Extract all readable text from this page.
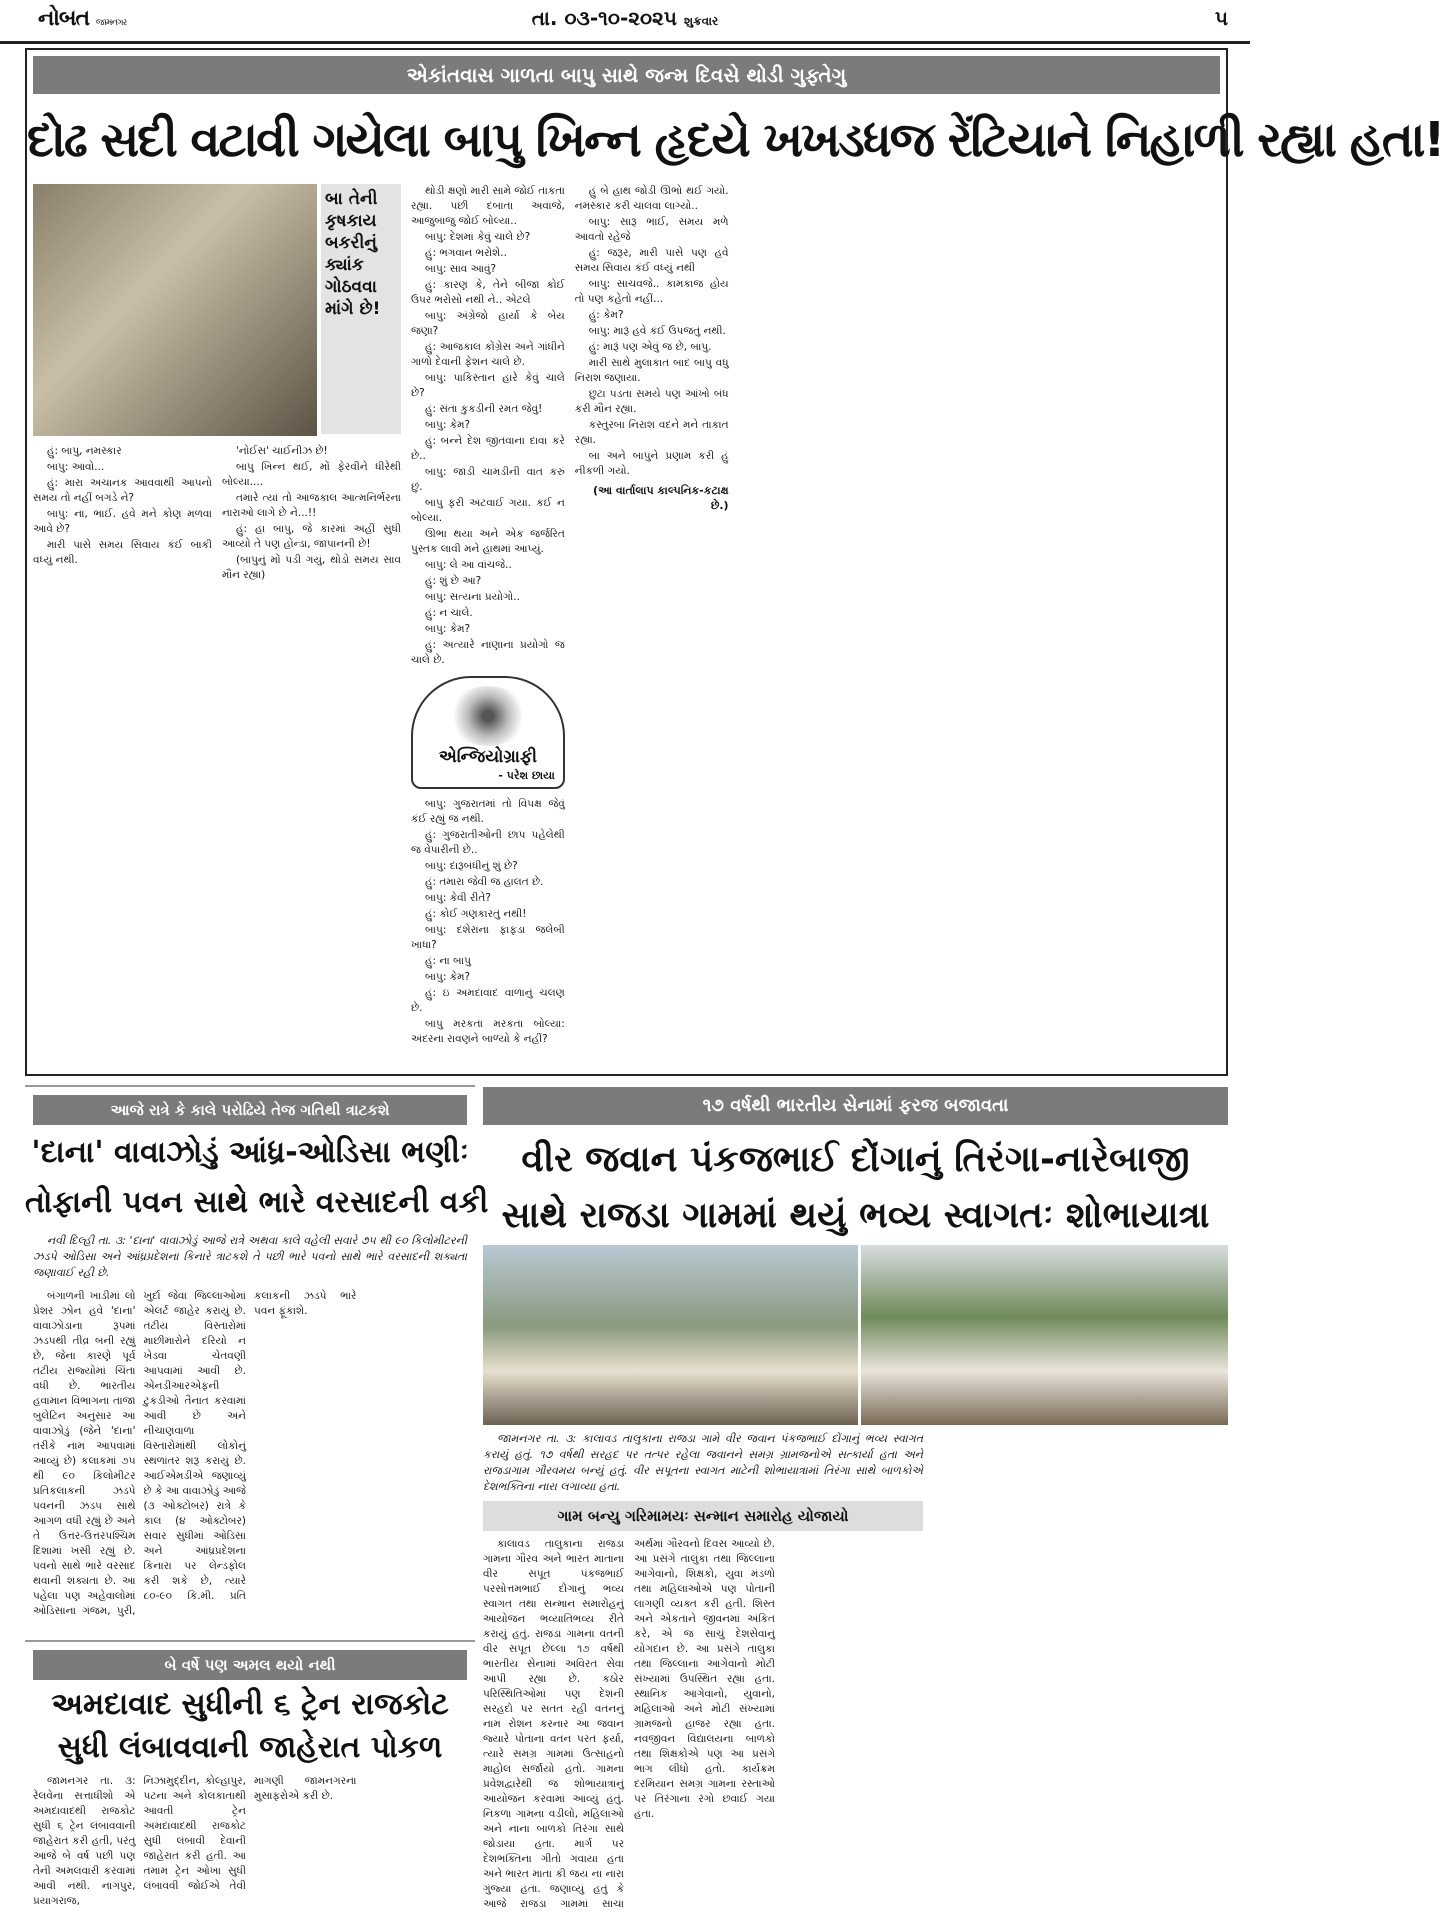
નોબત જામનગર	તા. ૦૩-૧૦-૨૦૨૫ શુક્રવાર	૫
એકાંતવાસ ગાળતા બાપુ સાથે જન્મ દિવસે થોડી ગુફ્તેગુ
દોઢ સદી વટાવી ગયેલા બાપુ ખિન્ન હૃદયે ખખડધજ રેંટિયાને નિહાળી રહ્યા હતા!
બા તેની કૃષકાય બકરીનું ક્યાંક ગોઠવવા માંગે છે!

હું: બાપુ, નમસ્કાર

બાપુ: આવો...

હું: મારા અચાનક આવવાથી આપનો સમય તો નહીં બગડે ને?

બાપુ: ના, ભાઈ. હવે મને કોણ મળવા આવે છે?

મારી પાસે સમય સિવાય કંઈ બાકી વધ્યું નથી.

'નોઈસ' ચાઈનીઝ છે!

બાપુ ખિન્ન થઈ, મોં ફેરવીને ધીરેથી બોલ્યા....

તમારે ત્યાં તો આજકાલ આત્મનિર્ભરના નારાઓ લાગે છે ને...!!

હું: હા બાપુ, જે કારમાં અહીં સુધી આવ્યો તે પણ હોન્ડા, જાપાનની છે!

(બાપુનું મોં પડી ગયું, થોડો સમય સાવ મૌન રહ્યા)

થોડી ક્ષણો મારી સામે જોઈ તાકતા રહ્યા. પછી દબાતા અવાજે, આજુબાજુ જોઈ બોલ્યા..

બાપુ: દેશમાં કેવું ચાલે છે?

હું: ભગવાન ભરોશે..

બાપુ: સાવ આવું?

હું: કારણ કે, તેને બીજા કોઈ ઉપર ભરોસો નથી ને.. એટલે

બાપુ: અંગ્રેજો હાર્યા કે બેય જણા?

હું: આજકાલ કોંગ્રેસ અને ગાંધીને ગાળો દેવાની ફેશન ચાલે છે.

બાપુ: પાકિસ્તાન હારે કેવું ચાલે છે?

હું: સંતા કુકડીની રમત જેવું!

બાપુ: કેમ?

હું: બન્ને દેશ જીતવાના દાવા કરે છે..

બાપુ: જાડી ચામડીની વાત કરું છું.

બાપુ ફરી અટવાઈ ગયા. કઈ ન બોલ્યા.

ઊભા થયા અને એક જર્જરિત પુસ્તક લાવી મને હાથમાં આપ્યું.

બાપુ: લે આ વાંચજે..

હું: શું છે આ?

બાપુ: સત્યના પ્રયોગો..

હું: ન ચાલે.

બાપુ: કેમ?

હું: અત્યારે નાણાના પ્રયોગો જ ચાલે છે.

એન્જિયોગ્રાફી
- પરેશ છાયા

બાપુ: ગુજરાતમાં તો વિપક્ષ જેવું કંઈ રહ્યું જ નથી.

હું: ગુજરાતીઓની છાપ પહેલેથી જ વેપારીની છે..

બાપુ: દારૂબંધીનું શું છે?

હું: તમારા જેવી જ હાલત છે.

બાપુ: કેવી રીતે?

હું: કોઈ ગણકારતું નથી!

બાપુ: દશેરાના ફાફડા જલેબી ખાધા?

હું: ના બાપુ

બાપુ: કેમ?

હું: ઇ અમદાવાદ વાળાનું ચલણ છે.

બાપુ મરકતા મરકતા બોલ્યા: અંદરના રાવણને બાળ્યો કે નહીં?

હું બે હાથ જોડી ઊભો થઈ ગયો. નમસ્કાર કરી ચાલવા લાગ્યો..

બાપુ: સારૂ ભાઈ, સમય મળે આવતો રહેજે

હું: જરૂર, મારી પાસે પણ હવે સમય સિવાય કંઈ વધ્યું નથી

બાપુ: સાચવજે.. કામકાજ હોય તો પણ કહેતો નહીં...

હું: કેમ?

બાપુ: મારૂં હવે કંઈ ઉપજતું નથી.

હું: મારૂં પણ એવું જ છે, બાપુ.

મારી સાથે મુલાકાત બાદ બાપુ વધુ નિરાશ જણાયા.

છુટા પડતા સમયે પણ આંખો બંધ કરી મૌન રહ્યા.

કસ્તુરબા નિરાશ વદને મને તાકાત રહ્યા.

બા અને બાપુને પ્રણામ કરી હું નીકળી ગયો.

(આ વાર્તાલાપ કાલ્પનિક-કટાક્ષ છે.)
આજે રાત્રે કે કાલે પરોઢિયે તેજ ગતિથી ત્રાટકશે
'દાના' વાવાઝોડું આંધ્ર-ઓડિસા ભણીઃ
તોફાની પવન સાથે ભારે વરસાદની વકી
નવી દિલ્હી તા. ૩: 'દાના' વાવાઝોડું આજે રાત્રે અથવા કાલે વહેલી સવારે ૭૫ થી ૯૦ કિલોમીટરની ઝડપે ઓડિસા અને આંધ્રપ્રદેશના કિનારે ત્રાટકશે તે પછી ભારે પવનો સાથે ભારે વરસાદની શક્યતા જણાવાઈ રહી છે.
બંગાળની ખાડીમાં લો પ્રેશર ઝોન હવે 'દાના' વાવાઝોડાના રૂપમાં ઝડપથી તીવ્ર બની રહ્યું છે, જેના કારણે પૂર્વ તટીય રાજ્યોમાં ચિંતા વધી છે. ભારતીય હવામાન વિભાગના તાજા બુલેટિન અનુસાર આ વાવાઝોડું (જેને 'દાના' તરીકે નામ આપવામાં આવ્યું છે) કલાકમાં ૭૫ થી ૯૦ કિલોમીટર પ્રતિકલાકની ઝડપે પવનની ઝડપ સાથે આગળ વધી રહ્યું છે અને તે ઉત્તર-ઉત્તરપશ્ચિમ દિશામાં ખસી રહ્યું છે. પવનો સાથે ભારે વરસાદ થવાની શક્યતા છે. આ પહેલા પણ અહેવાલોમાં ઓડિસાના ગંજમ, પુરી, ખુર્દા જેવા જિલ્લાઓમાં એલર્ટ જાહેર કરાયું છે. તટીય વિસ્તારોમાં માછીમારોને દરિયો ન ખેડવા ચેતવણી આપવામાં આવી છે. એનડીઆરએફની ટુકડીઓ તૈનાત કરવામાં આવી છે અને નીચાણવાળા વિસ્તારોમાંથી લોકોનું સ્થળાંતર શરૂ કરાયું છે. આઈએમડીએ જણાવ્યું છે કે આ વાવાઝોડું આજે (૩ ઓક્ટોબર) રાત્રે કે કાલ (૪ ઓક્ટોબર) સવાર સુધીમાં ઓડિસા અને આંધ્રપ્રદેશના કિનારા પર લેન્ડફોલ કરી શકે છે, ત્યારે ૮૦-૯૦ કિ.મી. પ્રતિ કલાકની ઝડપે ભારે પવન ફૂંકાશે.
બે વર્ષે પણ અમલ થયો નથી
અમદાવાદ સુધીની ૬ ટ્રેન રાજકોટ
સુધી લંબાવવાની જાહેરાત પોકળ
જામનગર તા. ૩: રેલવેના સત્તાધીશો એ અમદાવાદથી રાજકોટ સુધી ૬ ટ્રેન લંબાવવાની જાહેરાત કરી હતી, પરંતુ આજે બે વર્ષ પછી પણ તેની અમલવારી કરવામાં આવી નથી. નાગપુર, પ્રયાગરાજ, નિઝામુદ્દીન, કોલ્હાપુર, પટના અને કોલકાતાથી આવતી ટ્રેન અમદાવાદથી રાજકોટ સુધી લંબાવી દેવાની જાહેરાત કરી હતી. આ તમામ ટ્રેન ઓખા સુધી લંબાવવી જોઈએ તેવી માગણી જામનગરના મુસાફરોએ કરી છે.
૧૭ વર્ષથી ભારતીય સેનામાં ફરજ બજાવતા
વીર જવાન પંકજભાઈ દોંગાનું તિરંગા-નારેબાજી
સાથે રાજડા ગામમાં થયું ભવ્ય સ્વાગતઃ શોભાયાત્રા
જામનગર તા. ૩: કાલાવડ તાલુકાના રાજડા ગામે વીર જવાન પંકજભાઈ દોંગાનું ભવ્ય સ્વાગત કરાયું હતું. ૧૭ વર્ષથી સરહદ પર તત્પર રહેલા જવાનને સમગ્ર ગ્રામજનોએ સત્કાર્યા હતા અને રાજડાગામ ગૌરવમય બન્યું હતું. વીર સપૂતના સ્વાગત માટેની શોભાયાત્રામાં તિરંગા સાથે બાળકોએ દેશભક્તિના નારા લગાવ્યા હતા.
ગામ બન્યુ ગરિમામયઃ સન્માન સમારોહ યોજાયો
કાલાવડ તાલુકાના રાજડા ગામના ગૌરવ અને ભારત માતાના વીર સપૂત પંકજભાઈ પરસોત્તમભાઈ દોંગાનું ભવ્ય સ્વાગત તથા સન્માન સમારોહનું આયોજન ભવ્યાતિભવ્ય રીતે કરાયું હતું. રાજડા ગામના વતની વીર સપૂત છેલ્લા ૧૭ વર્ષથી ભારતીય સેનામાં અવિરત સેવા આપી રહ્યા છે. કઠોર પરિસ્થિતિઓમાં પણ દેશની સરહદો પર સતત રહી વતનનું નામ રોશન કરનાર આ જવાન જ્યારે પોતાના વતન પરત ફર્યા, ત્યારે સમગ્ર ગામમાં ઉત્સાહનો માહોલ સર્જાયો હતો. ગામના પ્રવેશદ્વારેથી જ શોભાયાત્રાનું આયોજન કરવામાં આવ્યું હતું. નિકળા ગામના વડીલો, મહિલાઓ અને નાના બાળકો તિરંગા સાથે જોડાયા હતા. માર્ગ પર દેશભક્તિના ગીતો ગવાયા હતા અને ભારત માતા કી જય ના નારા ગુંજ્યા હતા. જણાવ્યું હતું કે આજે રાજડા ગામમાં સાચા અર્થમાં ગૌરવનો દિવસ આવ્યો છે. આ પ્રસંગે તાલુકા તથા જિલ્લાના આગેવાનો, શિક્ષકો, યુવા મંડળો તથા મહિલાઓએ પણ પોતાની લાગણી વ્યક્ત કરી હતી. શિસ્ત અને એકતાને જીવનમાં અંકિત કરે, એ જ સાચું દેશસેવાનું યોગદાન છે. આ પ્રસંગે તાલુકા તથા જિલ્લાના આગેવાનો મોટી સંખ્યામાં ઉપસ્થિત રહ્યા હતા. સ્થાનિક આગેવાનો, યુવાનો, મહિલાઓ અને મોટી સંખ્યામાં ગ્રામજનો હાજર રહ્યા હતા. નવજીવન વિદ્યાલયના બાળકો તથા શિક્ષકોએ પણ આ પ્રસંગે ભાગ લીધો હતો. કાર્યક્રમ દરમિયાન સમગ્ર ગામના રસ્તાઓ પર તિરંગાના રંગો છવાઈ ગયા હતા.
